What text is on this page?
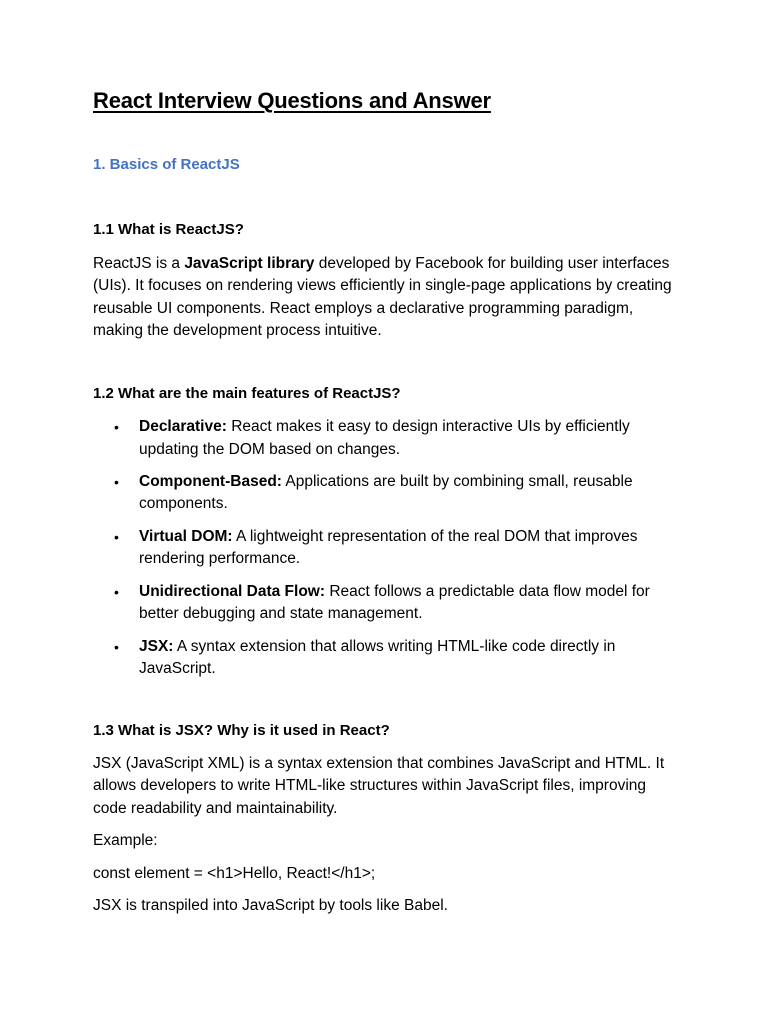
React Interview Questions and Answer
1. Basics of ReactJS
1.1 What is ReactJS?

ReactJS is a JavaScript library developed by Facebook for building user interfaces (UIs). It focuses on rendering views efficiently in single-page applications by creating reusable UI components. React employs a declarative programming paradigm, making the development process intuitive.

1.2 What are the main features of ReactJS?
• Declarative: React makes it easy to design interactive UIs by efficiently updating the DOM based on changes.
• Component-Based: Applications are built by combining small, reusable components.
• Virtual DOM: A lightweight representation of the real DOM that improves rendering performance.
• Unidirectional Data Flow: React follows a predictable data flow model for better debugging and state management.
• JSX: A syntax extension that allows writing HTML-like code directly in JavaScript.
1.3 What is JSX? Why is it used in React?

JSX (JavaScript XML) is a syntax extension that combines JavaScript and HTML. It allows developers to write HTML-like structures within JavaScript files, improving code readability and maintainability.

Example:

const element = <h1>Hello, React!</h1>;

JSX is transpiled into JavaScript by tools like Babel.
